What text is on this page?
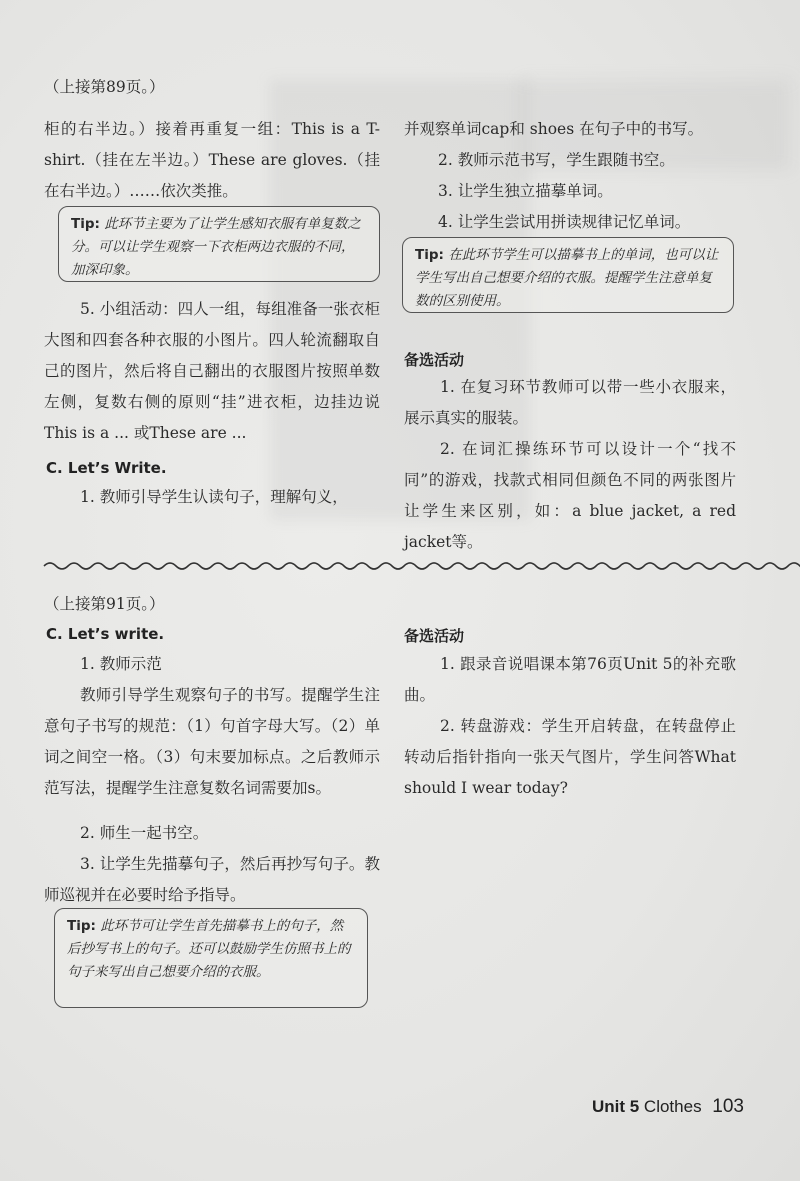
（上接第89页。）

柜的右半边。）接着再重复一组：This is a T-shirt.（挂在左半边。）These are gloves.（挂在右半边。）……依次类推。

Tip: 此环节主要为了让学生感知衣服有单复数之分。可以让学生观察一下衣柜两边衣服的不同，加深印象。

5. 小组活动：四人一组，每组准备一张衣柜大图和四套各种衣服的小图片。四人轮流翻取自己的图片，然后将自己翻出的衣服图片按照单数左侧，复数右侧的原则“挂”进衣柜，边挂边说This is a ... 或These are ...

C. Let’s Write.

1. 教师引导学生认读句子，理解句义，

并观察单词cap和 shoes 在句子中的书写。
2. 教师示范书写，学生跟随书空。
3. 让学生独立描摹单词。
4. 让学生尝试用拼读规律记忆单词。
Tip: 在此环节学生可以描摹书上的单词，也可以让学生写出自己想要介绍的衣服。提醒学生注意单复数的区别使用。
备选活动

1. 在复习环节教师可以带一些小衣服来，展示真实的服装。

2. 在词汇操练环节可以设计一个“找不同”的游戏，找款式相同但颜色不同的两张图片让学生来区别，如：a blue jacket, a red jacket等。

（上接第91页。）
C. Let’s write.
1. 教师示范

教师引导学生观察句子的书写。提醒学生注意句子书写的规范：（1）句首字母大写。（2）单词之间空一格。（3）句末要加标点。之后教师示范写法，提醒学生注意复数名词需要加s。

2. 师生一起书空。

3. 让学生先描摹句子，然后再抄写句子。教师巡视并在必要时给予指导。

Tip: 此环节可让学生首先描摹书上的句子，然后抄写书上的句子。还可以鼓励学生仿照书上的句子来写出自己想要介绍的衣服。
备选活动

1. 跟录音说唱课本第76页Unit 5的补充歌曲。

2. 转盘游戏：学生开启转盘，在转盘停止转动后指针指向一张天气图片，学生问答What should I wear today?

Unit 5 Clothes 103
